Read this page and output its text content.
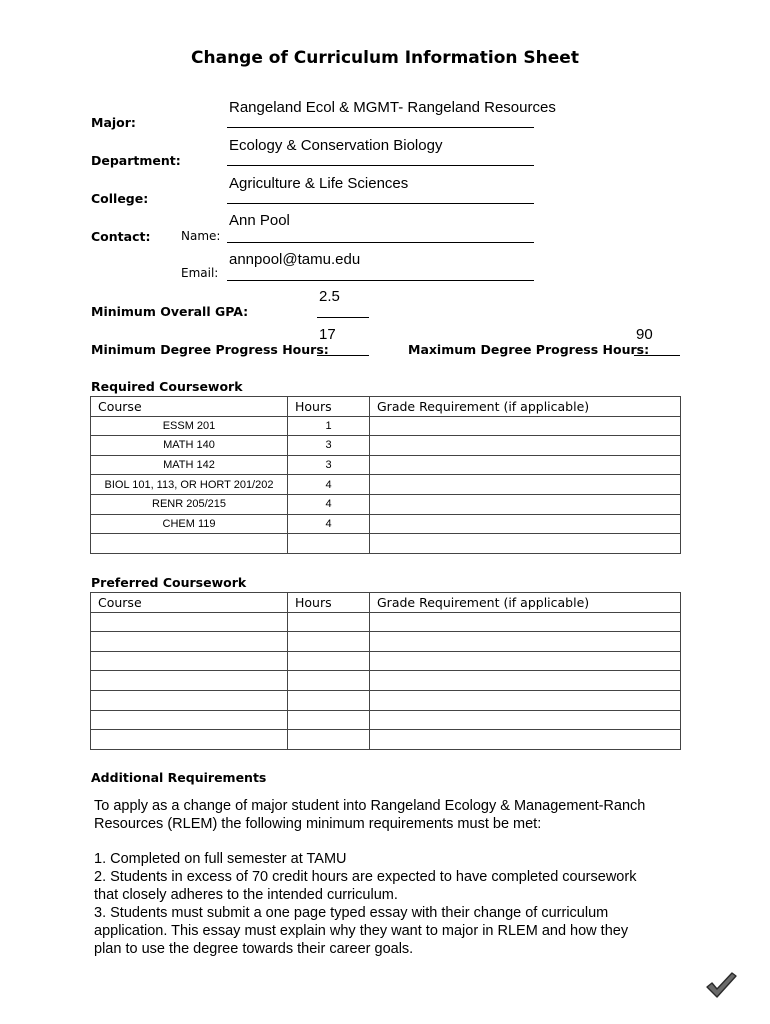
Change of Curriculum Information Sheet
Major:
Rangeland Ecol & MGMT- Rangeland Resources
Department:
Ecology & Conservation Biology
College:
Agriculture & Life Sciences
Contact:	Name:
Ann Pool
Email:
annpool@tamu.edu
Minimum Overall GPA:
2.5
Minimum Degree Progress Hours:
17
Maximum Degree Progress Hours:
90
Required Coursework
Course	Hours	Grade Requirement (if applicable)
ESSM 201	1	
MATH 140	3	
MATH 142	3	
BIOL 101, 113, OR HORT 201/202	4	
RENR 205/215	4	
CHEM 119	4	

Preferred Coursework
Course	Hours	Grade Requirement (if applicable)

Additional Requirements
To apply as a change of major student into Rangeland Ecology & Management-Ranch
Resources (RLEM) the following minimum requirements must be met:
1. Completed on full semester at TAMU
2. Students in excess of 70 credit hours are expected to have completed coursework
that closely adheres to the intended curriculum.
3. Students must submit a one page typed essay with their change of curriculum
application. This essay must explain why they want to major in RLEM and how they
plan to use the degree towards their career goals.
